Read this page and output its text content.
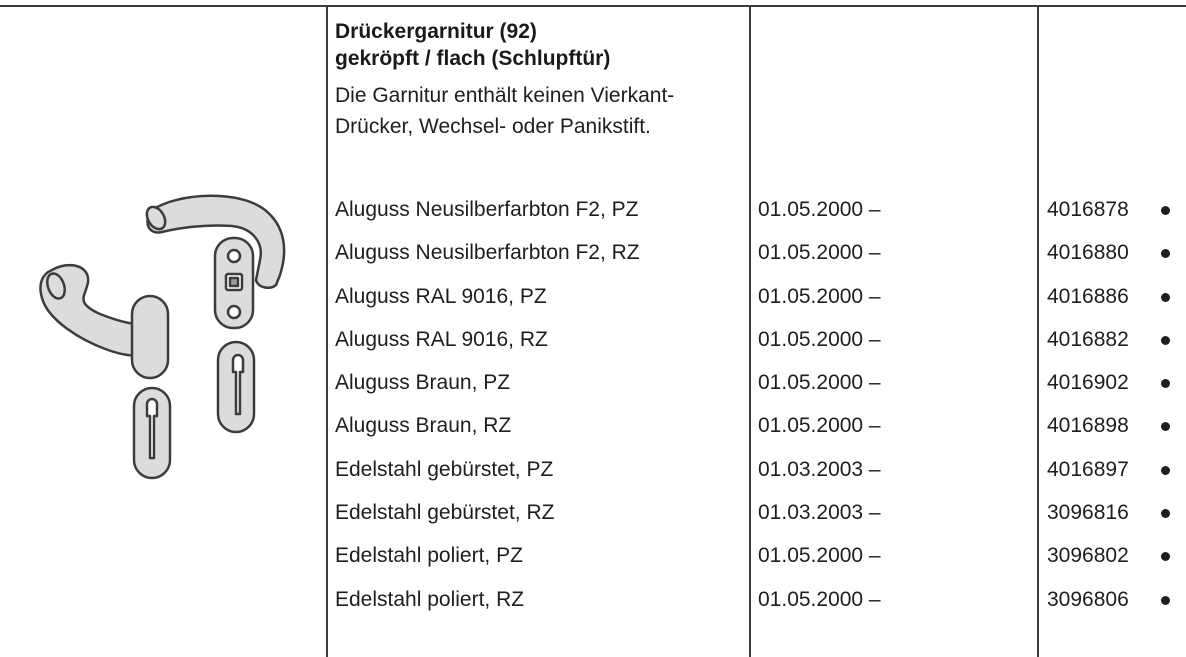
Drückergarnitur (92)
gekröpft / flach (Schlupftür)
Die Garnitur enthält keinen Vierkant-
Drücker, Wechsel- oder Panikstift.
Aluguss Neusilberfarbton F2, PZ	01.05.2000 –	4016878
Aluguss Neusilberfarbton F2, RZ	01.05.2000 –	4016880
Aluguss RAL 9016, PZ	01.05.2000 –	4016886
Aluguss RAL 9016, RZ	01.05.2000 –	4016882
Aluguss Braun, PZ	01.05.2000 –	4016902
Aluguss Braun, RZ	01.05.2000 –	4016898
Edelstahl gebürstet, PZ	01.03.2003 –	4016897
Edelstahl gebürstet, RZ	01.03.2003 –	3096816
Edelstahl poliert, PZ	01.05.2000 –	3096802
Edelstahl poliert, RZ	01.05.2000 –	3096806
